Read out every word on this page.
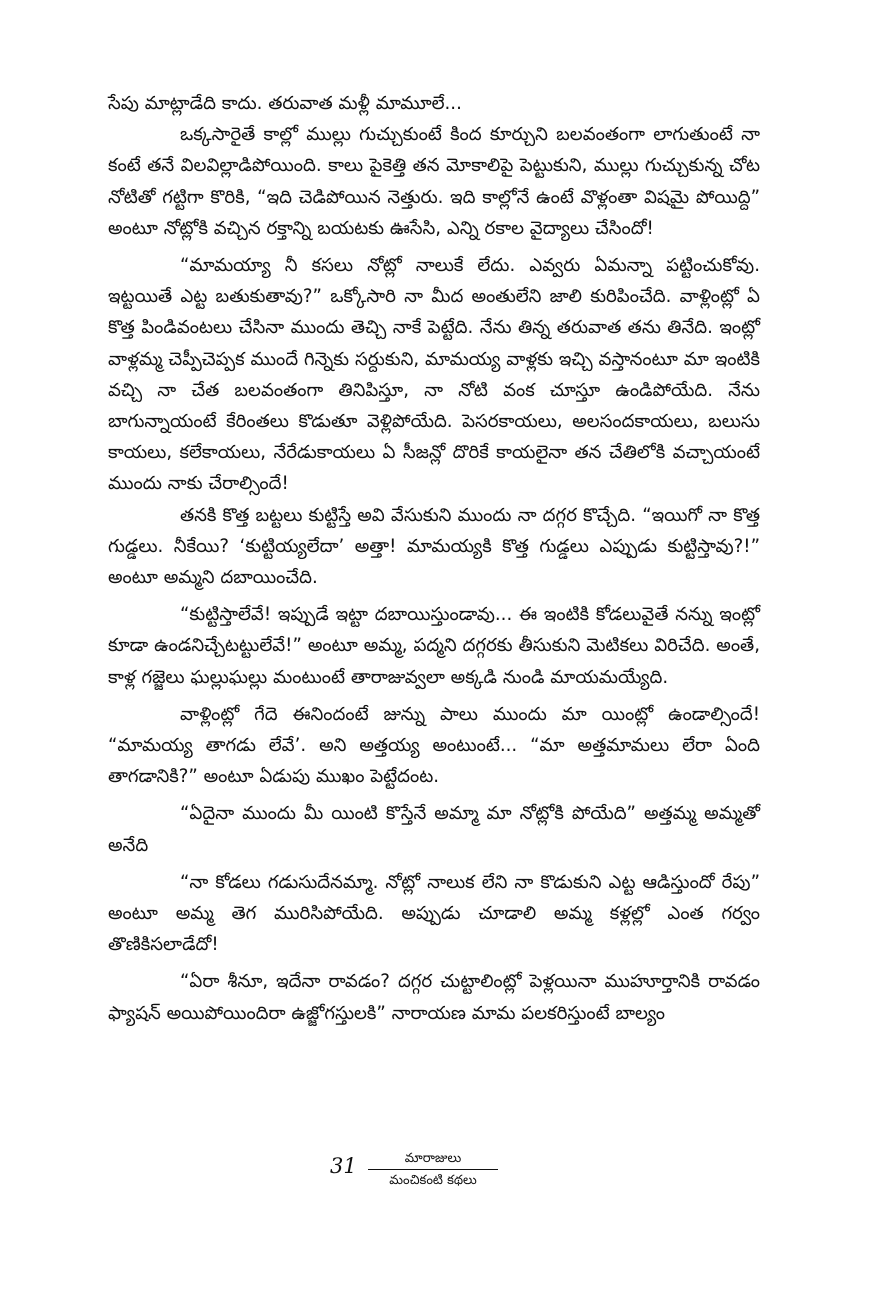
సేపు మాట్లాడేది కాదు. తరువాత మళ్లీ మామూలే...

ఒక్కసారైతే కాల్లో ముల్లు గుచ్చుకుంటే కింద కూర్చుని బలవంతంగా లాగుతుంటే నా కంటే తనే విలవిల్లాడిపోయింది. కాలు పైకెత్తి తన మోకాలిపై పెట్టుకుని, ముల్లు గుచ్చుకున్న చోట నోటితో గట్టిగా కొరికి, “ఇది చెడిపోయిన నెత్తురు. ఇది కాల్లోనే ఉంటే వొళ్లంతా విషమై పోయిద్ది” అంటూ నోట్లోకి వచ్చిన రక్తాన్ని బయటకు ఊసేసి, ఎన్ని రకాల వైద్యాలు చేసిందో!

“మామయ్యా నీ కసలు నోట్లో నాలుకే లేదు. ఎవ్వరు ఏమన్నా పట్టించుకోవు. ఇట్టయితే ఎట్ట బతుకుతావు?” ఒక్కోసారి నా మీద అంతులేని జాలి కురిపించేది. వాళ్లింట్లో ఏ కొత్త పిండివంటలు చేసినా ముందు తెచ్చి నాకే పెట్టేది. నేను తిన్న తరువాత తను తినేది. ఇంట్లో వాళ్లమ్మ చెప్పీచెప్పక ముందే గిన్నెకు సర్దుకుని, మామయ్య వాళ్లకు ఇచ్చి వస్తానంటూ మా ఇంటికి వచ్చి నా చేత బలవంతంగా తినిపిస్తూ, నా నోటి వంక చూస్తూ ఉండిపోయేది. నేను బాగున్నాయంటే కేరింతలు కొడుతూ వెళ్లిపోయేది. పెసరకాయలు, అలసందకాయలు, బలుసు కాయలు, కలేకాయలు, నేరేడుకాయలు ఏ సీజన్లో దొరికే కాయలైనా తన చేతిలోకి వచ్చాయంటే ముందు నాకు చేరాల్సిందే!

తనకి కొత్త బట్టలు కుట్టిస్తే అవి వేసుకుని ముందు నా దగ్గర కొచ్చేది. “ఇయిగో నా కొత్త గుడ్డలు. నీకేయి? ‘కుట్టియ్యలేదా’ అత్తా! మామయ్యకి కొత్త గుడ్డలు ఎప్పుడు కుట్టిస్తావు?!” అంటూ అమ్మని దబాయించేది.

“కుట్టిస్తాలేవే! ఇప్పుడే ఇట్టా దబాయిస్తుండావు... ఈ ఇంటికి కోడలువైతే నన్ను ఇంట్లో కూడా ఉండనిచ్చేటట్టులేవే!” అంటూ అమ్మ, పద్మని దగ్గరకు తీసుకుని మెటికలు విరిచేది. అంతే, కాళ్ల గజ్జెలు ఘల్లుఘల్లు మంటుంటే తారాజువ్వలా అక్కడి నుండి మాయమయ్యేది.

వాళ్లింట్లో గేదె ఈనిందంటే జున్ను పాలు ముందు మా యింట్లో ఉండాల్సిందే! “మామయ్య తాగడు లేవే’. అని అత్తయ్య అంటుంటే... “మా అత్తమామలు లేరా ఏంది తాగడానికి?” అంటూ ఏడుపు ముఖం పెట్టేదంట.

“ఏదైనా ముందు మీ యింటి కొస్తేనే అమ్మా మా నోట్లోకి పోయేది” అత్తమ్మ అమ్మతో అనేది

“నా కోడలు గడుసుదేనమ్మా. నోట్లో నాలుక లేని నా కొడుకుని ఎట్ట ఆడిస్తుందో రేపు” అంటూ అమ్మ తెగ మురిసిపోయేది. అప్పుడు చూడాలి అమ్మ కళ్లల్లో ఎంత గర్వం తొణికిసలాడేదో!

“ఏరా శీనూ, ఇదేనా రావడం? దగ్గర చుట్టాలింట్లో పెళ్లయినా ముహూర్తానికి రావడం ఫ్యాషన్ అయిపోయిందిరా ఉజ్జోగస్తులకి” నారాయణ మామ పలకరిస్తుంటే బాల్యం

31	మారాజులు
మంచికంటి కథలు
